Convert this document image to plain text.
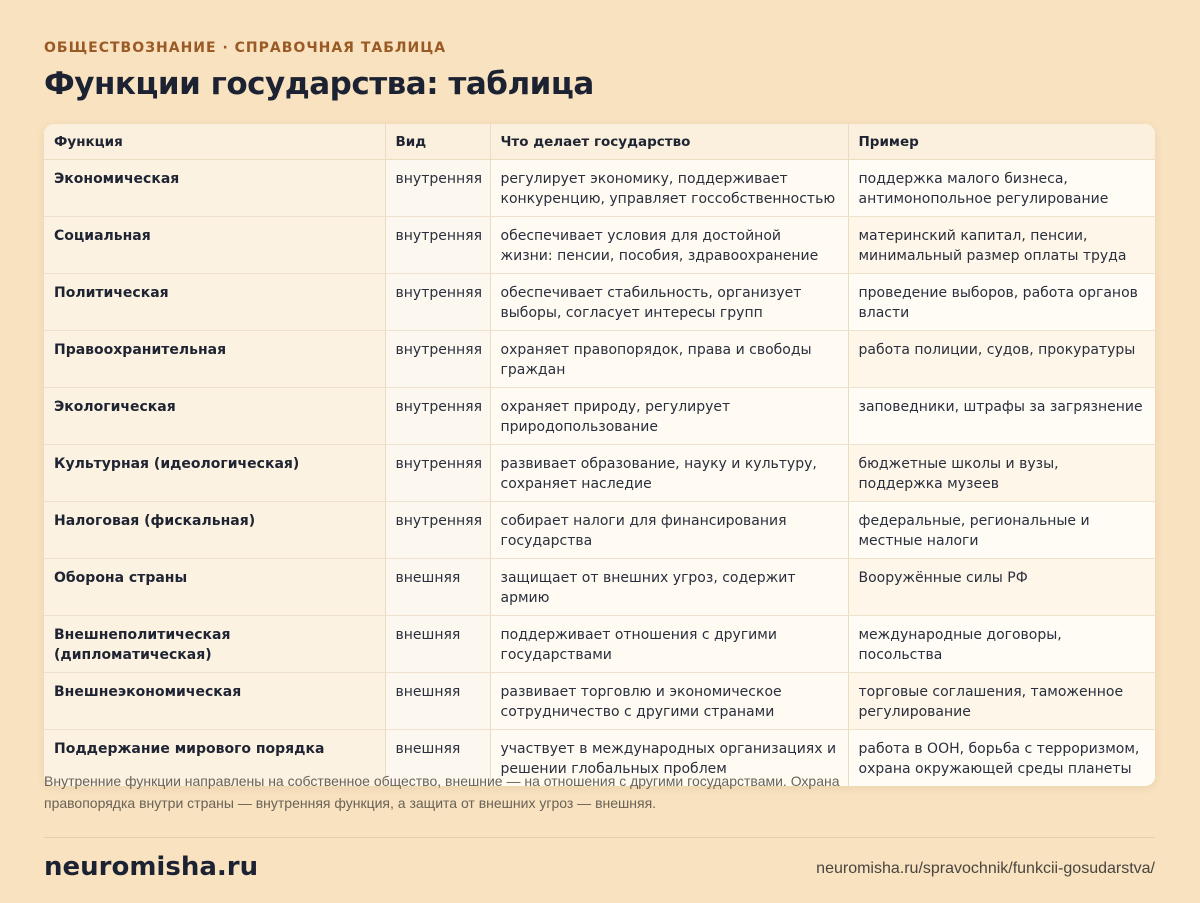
ОБЩЕСТВОЗНАНИЕ · СПРАВОЧНАЯ ТАБЛИЦА
Функции государства: таблица
Функция	Вид	Что делает государство	Пример
Экономическая	внутренняя	регулирует экономику, поддерживает конкуренцию, управляет госсобственностью	поддержка малого бизнеса, антимонопольное регулирование
Социальная	внутренняя	обеспечивает условия для достойной жизни: пенсии, пособия, здравоохранение	материнский капитал, пенсии, минимальный размер оплаты труда
Политическая	внутренняя	обеспечивает стабильность, организует выборы, согласует интересы групп	проведение выборов, работа органов власти
Правоохранительная	внутренняя	охраняет правопорядок, права и свободы граждан	работа полиции, судов, прокуратуры
Экологическая	внутренняя	охраняет природу, регулирует природопользование	заповедники, штрафы за загрязнение
Культурная (идеологическая)	внутренняя	развивает образование, науку и культуру, сохраняет наследие	бюджетные школы и вузы, поддержка музеев
Налоговая (фискальная)	внутренняя	собирает налоги для финансирования государства	федеральные, региональные и местные налоги
Оборона страны	внешняя	защищает от внешних угроз, содержит армию	Вооружённые силы РФ
Внешнеполитическая (дипломатическая)	внешняя	поддерживает отношения с другими государствами	международные договоры, посольства
Внешнеэкономическая	внешняя	развивает торговлю и экономическое сотрудничество с другими странами	торговые соглашения, таможенное регулирование
Поддержание мирового порядка	внешняя	участвует в международных организациях и решении глобальных проблем	работа в ООН, борьба с терроризмом, охрана окружающей среды планеты

Внутренние функции направлены на собственное общество, внешние — на отношения с другими государствами. Охрана правопорядка внутри страны — внутренняя функция, а защита от внешних угроз — внешняя.

neuromisha.ru	neuromisha.ru/spravochnik/funkcii-gosudarstva/
